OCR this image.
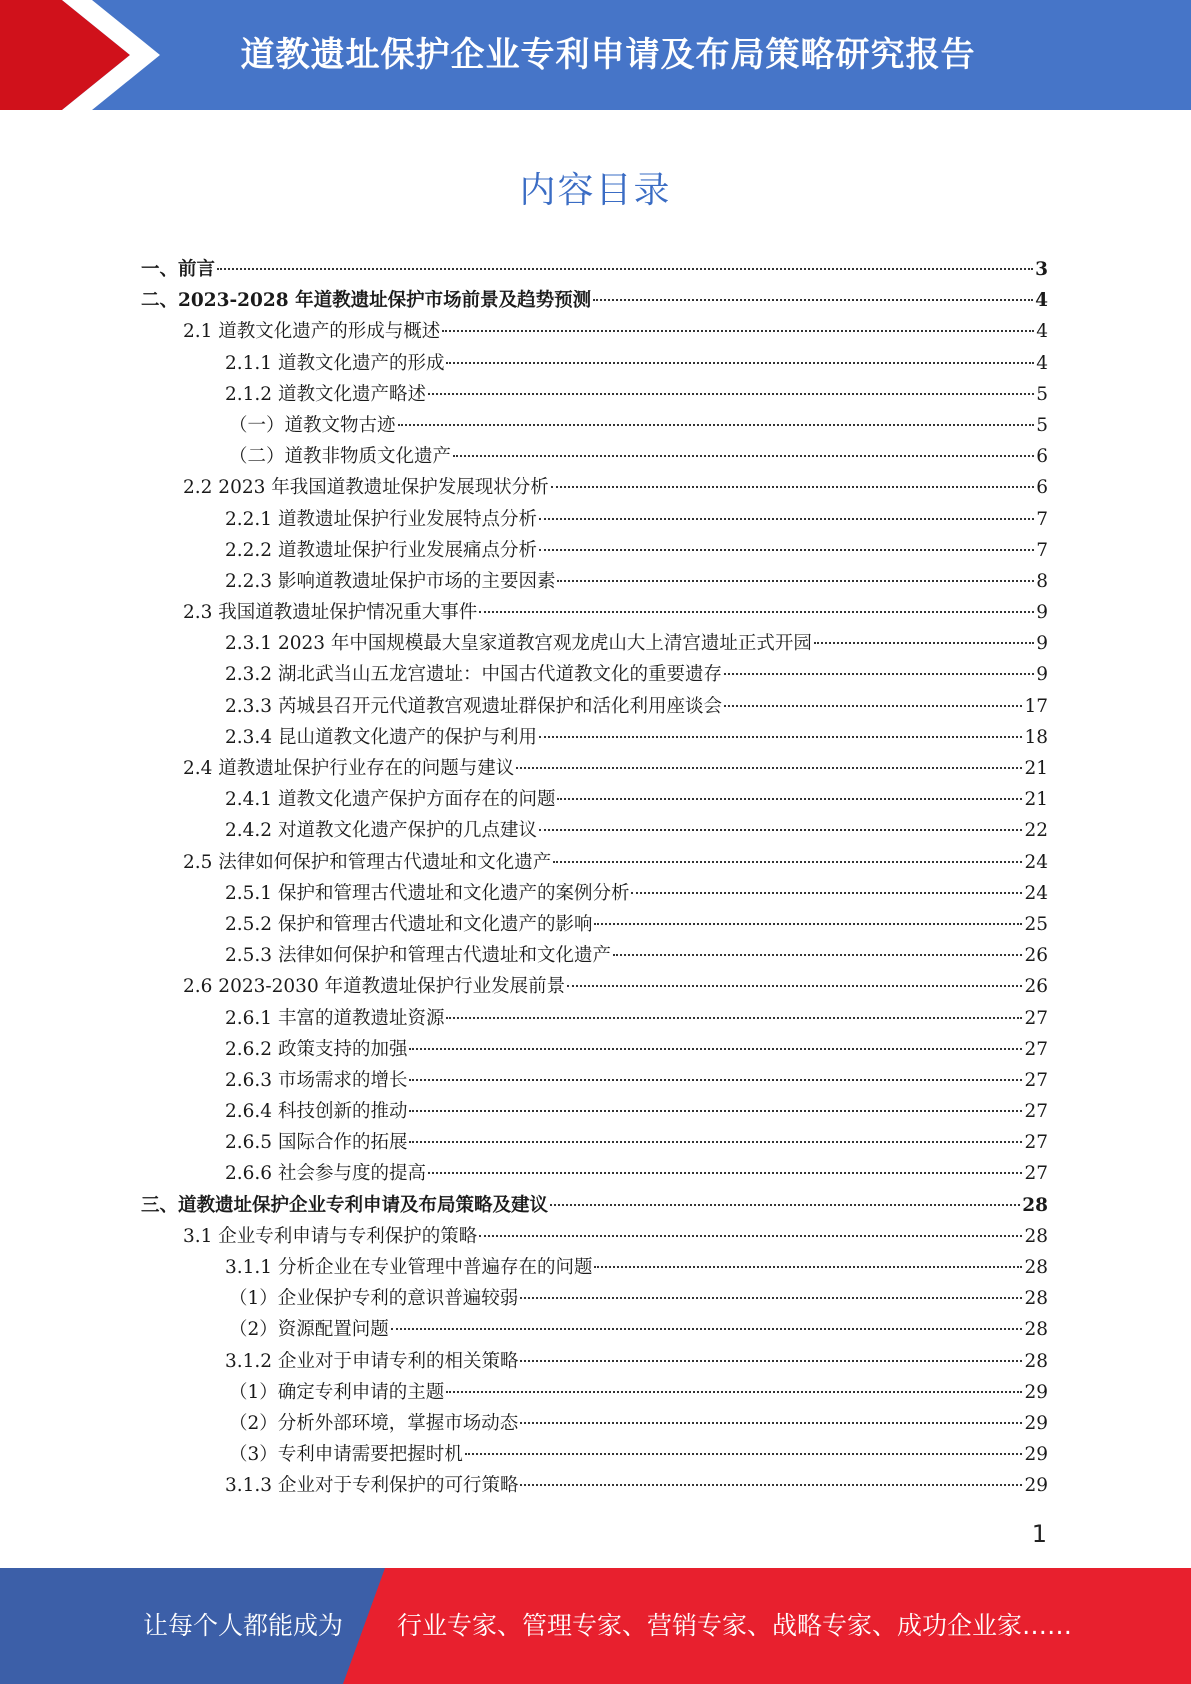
道教遗址保护企业专利申请及布局策略研究报告
内容目录
一、前言	3
二、2023-2028 年道教遗址保护市场前景及趋势预测	4
2.1 道教文化遗产的形成与概述	4
2.1.1 道教文化遗产的形成	4
2.1.2 道教文化遗产略述	5
（一）道教文物古迹	5
（二）道教非物质文化遗产	6
2.2 2023 年我国道教遗址保护发展现状分析	6
2.2.1 道教遗址保护行业发展特点分析	7
2.2.2 道教遗址保护行业发展痛点分析	7
2.2.3 影响道教遗址保护市场的主要因素	8
2.3 我国道教遗址保护情况重大事件	9
2.3.1 2023 年中国规模最大皇家道教宫观龙虎山大上清宫遗址正式开园	9
2.3.2 湖北武当山五龙宫遗址：中国古代道教文化的重要遗存	9
2.3.3 芮城县召开元代道教宫观遗址群保护和活化利用座谈会	17
2.3.4 昆山道教文化遗产的保护与利用	18
2.4 道教遗址保护行业存在的问题与建议	21
2.4.1 道教文化遗产保护方面存在的问题	21
2.4.2 对道教文化遗产保护的几点建议	22
2.5 法律如何保护和管理古代遗址和文化遗产	24
2.5.1 保护和管理古代遗址和文化遗产的案例分析	24
2.5.2 保护和管理古代遗址和文化遗产的影响	25
2.5.3 法律如何保护和管理古代遗址和文化遗产	26
2.6 2023-2030 年道教遗址保护行业发展前景	26
2.6.1 丰富的道教遗址资源	27
2.6.2 政策支持的加强	27
2.6.3 市场需求的增长	27
2.6.4 科技创新的推动	27
2.6.5 国际合作的拓展	27
2.6.6 社会参与度的提高	27
三、道教遗址保护企业专利申请及布局策略及建议	28
3.1 企业专利申请与专利保护的策略	28
3.1.1 分析企业在专业管理中普遍存在的问题	28
（1）企业保护专利的意识普遍较弱	28
（2）资源配置问题	28
3.1.2 企业对于申请专利的相关策略	28
（1）确定专利申请的主题	29
（2）分析外部环境，掌握市场动态	29
（3）专利申请需要把握时机	29
3.1.3 企业对于专利保护的可行策略	29
1
让每个人都能成为 行业专家、管理专家、营销专家、战略专家、成功企业家……
